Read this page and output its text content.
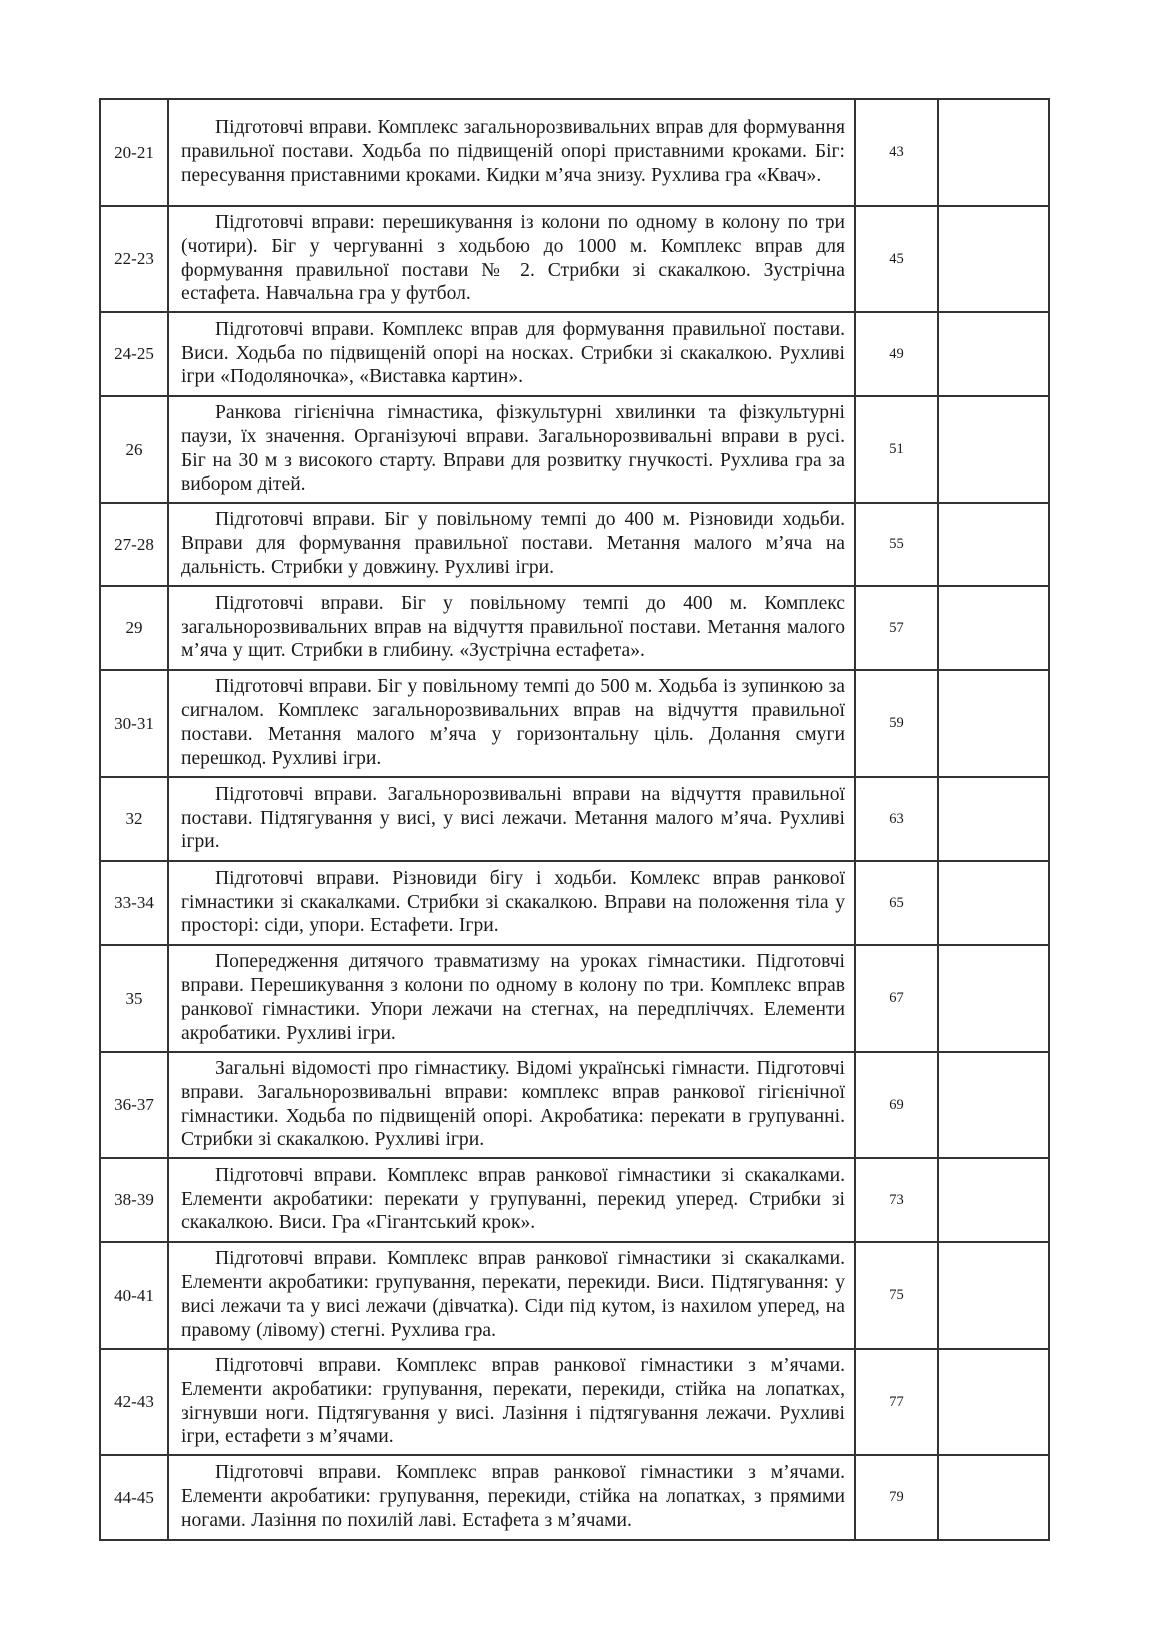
20-21	Підготовчі вправи. Комплекс загальнорозвивальних вправ для формування правильної постави. Ходьба по підвищеній опорі приставними кроками. Біг: пересування приставними кроками. Кидки м’яча знизу. Рухлива гра «Квач».	43	
22-23	Підготовчі вправи: перешикування із колони по одному в колону по три (чотири). Біг у чергуванні з ходьбою до 1000 м. Комплекс вправ для формування правильної постави № 2. Стрибки зі скакалкою. Зустрічна естафета. Навчальна гра у футбол.	45	
24-25	Підготовчі вправи. Комплекс вправ для формування правильної постави. Виси. Ходьба по підвищеній опорі на носках. Стрибки зі скакалкою. Рухливі ігри «Подоляночка», «Виставка картин».	49	
26	Ранкова гігієнічна гімнастика, фізкультурні хвилинки та фізкультурні паузи, їх значення. Організуючі вправи. Загальнорозвивальні вправи в русі. Біг на 30 м з високого старту. Вправи для розвитку гнучкості. Рухлива гра за вибором дітей.	51	
27-28	Підготовчі вправи. Біг у повільному темпі до 400 м. Різновиди ходьби. Вправи для формування правильної постави. Метання малого м’яча на дальність. Стрибки у довжину. Рухливі ігри.	55	
29	Підготовчі вправи. Біг у повільному темпі до 400 м. Комплекс загальнорозвивальних вправ на відчуття правильної постави. Метання малого м’яча у щит. Стрибки в глибину. «Зустрічна естафета».	57	
30-31	Підготовчі вправи. Біг у повільному темпі до 500 м. Ходьба із зупинкою за сигналом. Комплекс загальнорозвивальних вправ на відчуття правильної постави. Метання малого м’яча у горизонтальну ціль. Долання смуги перешкод. Рухливі ігри.	59	
32	Підготовчі вправи. Загальнорозвивальні вправи на відчуття правильної постави. Підтягування у висі, у висі лежачи. Метання малого м’яча. Рухливі ігри.	63	
33-34	Підготовчі вправи. Різновиди бігу і ходьби. Комлекс вправ ранкової гімнастики зі скакалками. Стрибки зі скакалкою. Вправи на положення тіла у просторі: сіди, упори. Естафети. Ігри.	65	
35	Попередження дитячого травматизму на уроках гімнастики. Підготовчі вправи. Перешикування з колони по одному в колону по три. Комплекс вправ ранкової гімнастики. Упори лежачи на стегнах, на передпліччях. Елементи акробатики. Рухливі ігри.	67	
36-37	Загальні відомості про гімнастику. Відомі українські гімнасти. Підготовчі вправи. Загальнорозвивальні вправи: комплекс вправ ранкової гігієнічної гімнастики. Ходьба по підвищеній опорі. Акробатика: перекати в групуванні. Стрибки зі скакалкою. Рухливі ігри.	69	
38-39	Підготовчі вправи. Комплекс вправ ранкової гімнастики зі скакалками. Елементи акробатики: перекати у групуванні, перекид уперед. Стрибки зі скакалкою. Виси. Гра «Гігантський крок».	73	
40-41	Підготовчі вправи. Комплекс вправ ранкової гімнастики зі скакалками. Елементи акробатики: групування, перекати, перекиди. Виси. Підтягування: у висі лежачи та у висі лежачи (дівчатка). Сіди під кутом, із нахилом уперед, на правому (лівому) стегні. Рухлива гра.	75	
42-43	Підготовчі вправи. Комплекс вправ ранкової гімнастики з м’ячами. Елементи акробатики: групування, перекати, перекиди, стійка на лопатках, зігнувши ноги. Підтягування у висі. Лазіння і підтягування лежачи. Рухливі ігри, естафети з м’ячами.	77	
44-45	Підготовчі вправи. Комплекс вправ ранкової гімнастики з м’ячами. Елементи акробатики: групування, перекиди, стійка на лопатках, з прямими ногами. Лазіння по похилій лаві. Естафета з м’ячами.	79	
